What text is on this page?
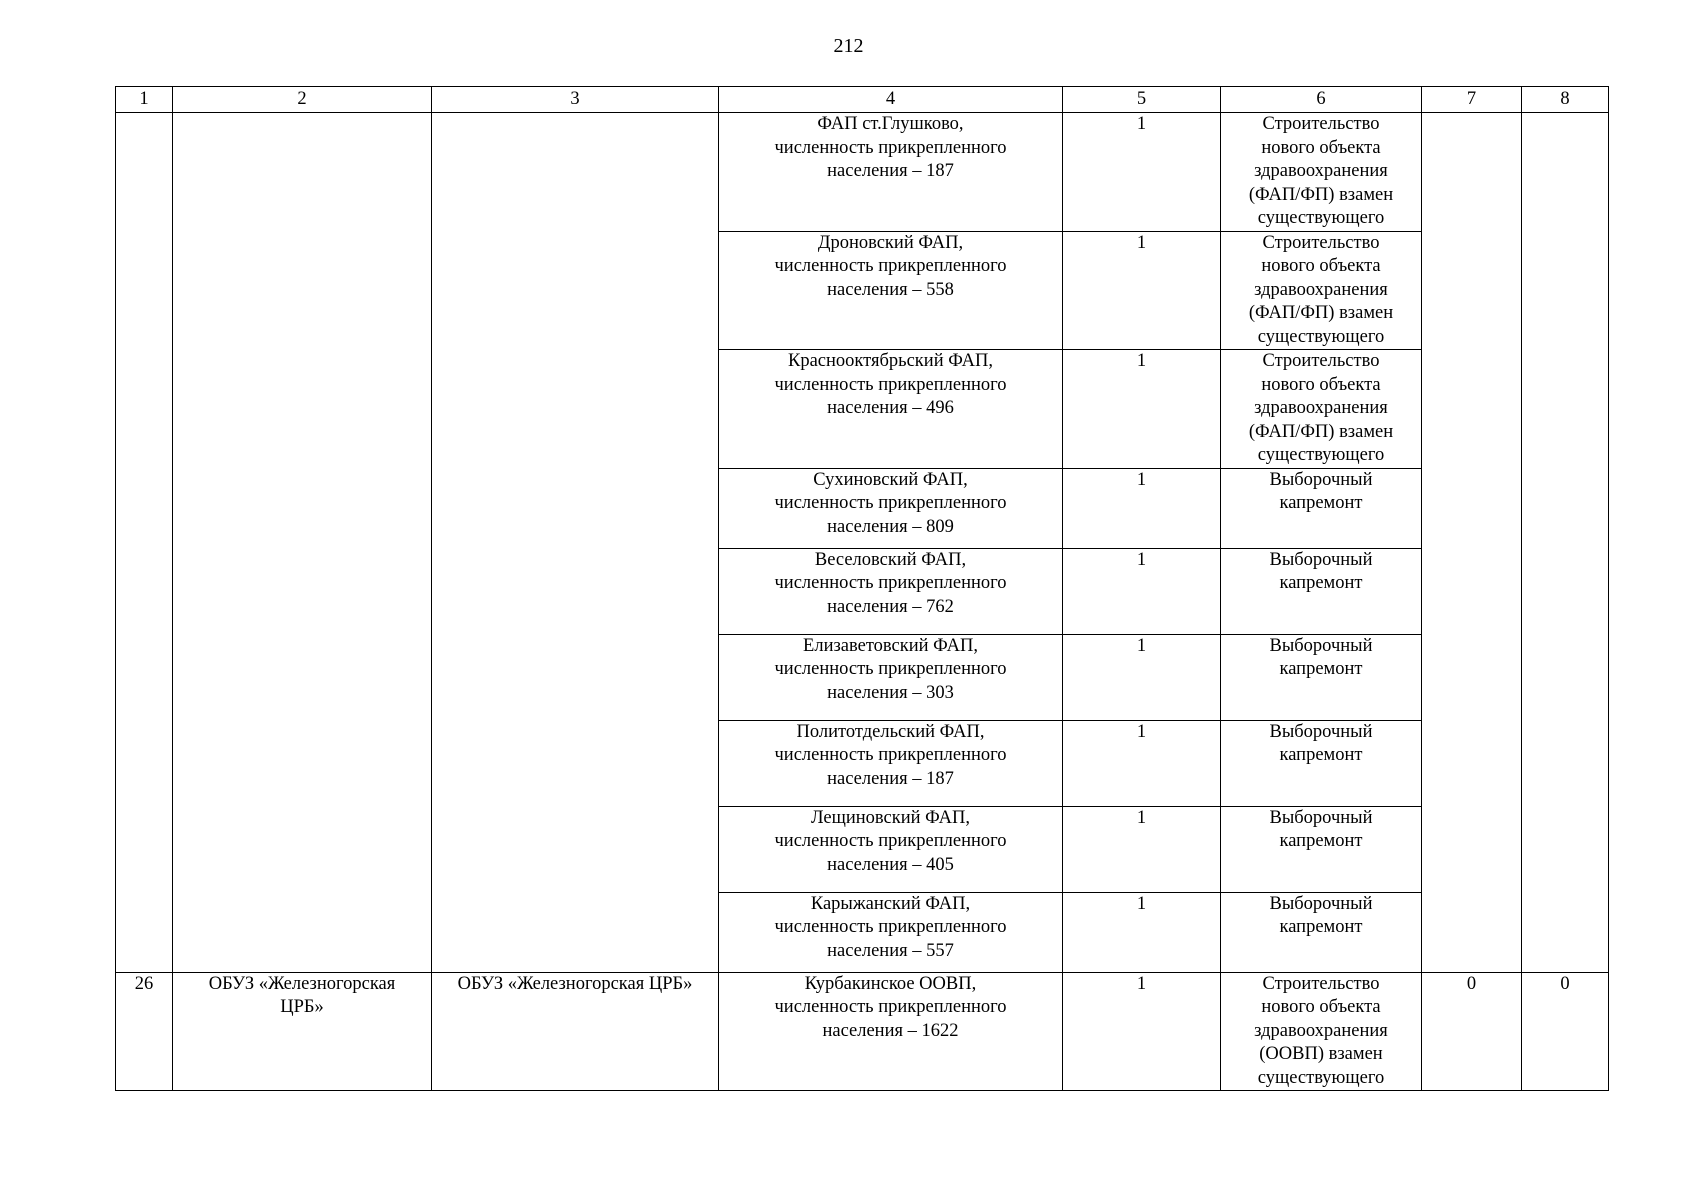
212
1	2	3	4	5	6	7	8
			ФАП ст.Глушково,
численность прикрепленного
населения – 187	1	Строительство
нового объекта
здравоохранения
(ФАП/ФП) взамен
существующего		
			Дроновский ФАП,
численность прикрепленного
населения – 558	1	Строительство
нового объекта
здравоохранения
(ФАП/ФП) взамен
существующего		
			Краснооктябрьский ФАП,
численность прикрепленного
населения – 496	1	Строительство
нового объекта
здравоохранения
(ФАП/ФП) взамен
существующего		
			Сухиновский ФАП,
численность прикрепленного
населения – 809	1	Выборочный
капремонт		
			Веселовский ФАП,
численность прикрепленного
населения – 762	1	Выборочный
капремонт		
			Елизаветовский ФАП,
численность прикрепленного
населения – 303	1	Выборочный
капремонт		
			Политотдельский ФАП,
численность прикрепленного
населения – 187	1	Выборочный
капремонт		
			Лещиновский ФАП,
численность прикрепленного
населения – 405	1	Выборочный
капремонт		
			Карыжанский ФАП,
численность прикрепленного
населения – 557	1	Выборочный
капремонт		
26	ОБУЗ «Железногорская
ЦРБ»	ОБУЗ «Железногорская ЦРБ»	Курбакинское ООВП,
численность прикрепленного
населения – 1622	1	Строительство
нового объекта
здравоохранения
(ООВП) взамен
существующего	0	0
